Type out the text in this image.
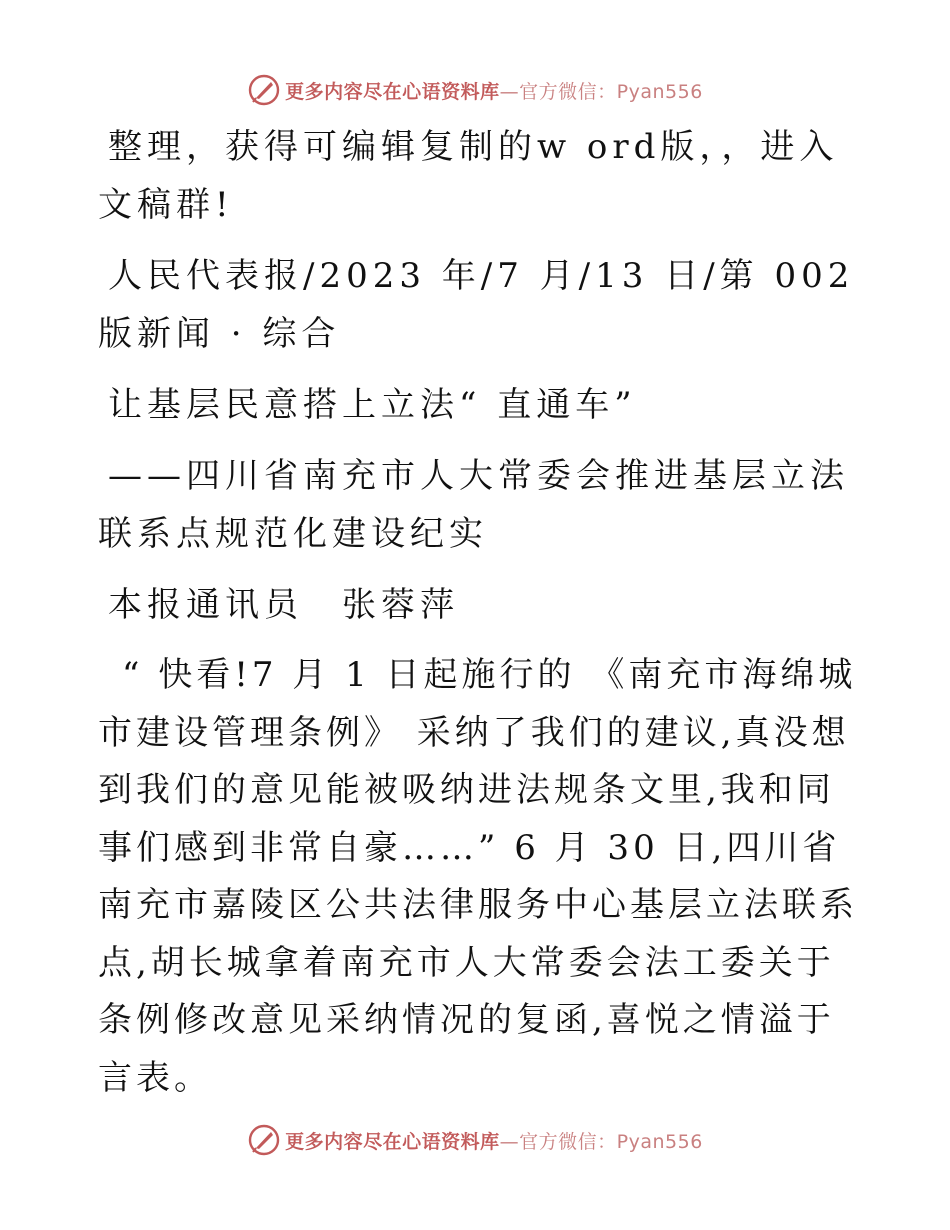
更多内容尽在心语资料库—官方微信：Pyan556

整理，获得可编辑复制的w ord版，，进入文稿群!

人民代表报/2023 年/7 月/13 日/第 002 版新闻 · 综合

让基层民意搭上立法“ 直通车”

——四川省南充市人大常委会推进基层立法联系点规范化建设纪实

本报通讯员　张蓉萍

“ 快看!7 月 1 日起施行的 《南充市海绵城市建设管理条例》 采纳了我们的建议,真没想到我们的意见能被吸纳进法规条文里,我和同事们感到非常自豪……” 6 月 30 日,四川省南充市嘉陵区公共法律服务中心基层立法联系点,胡长城拿着南充市人大常委会法工委关于条例修改意见采纳情况的复函,喜悦之情溢于言表。

更多内容尽在心语资料库—官方微信：Pyan556
